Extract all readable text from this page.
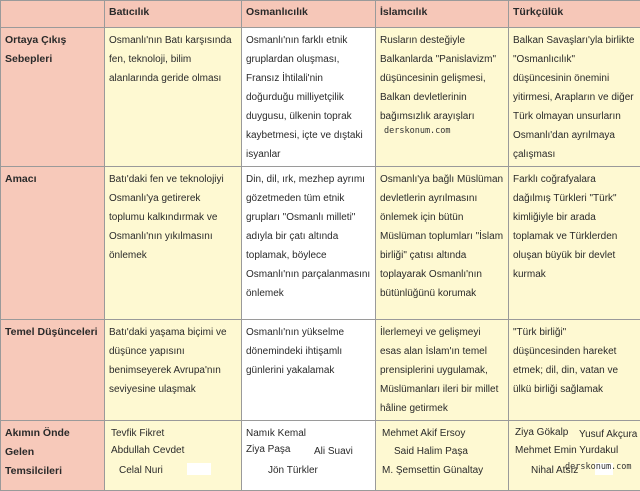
	Batıcılık	Osmanlıcılık	İslamcılık	Türkçülük

Ortaya Çıkış
Sebepleri	Osmanlı'nın Batı karşısında fen, teknoloji, bilim alanlarında geride olması	Osmanlı'nın farklı etnik gruplardan oluşması, Fransız İhtilali'nin doğurduğu milliyetçilik duygusu, ülkenin toprak kaybetmesi, içte ve dıştaki isyanlar	Rusların desteğiyle Balkanlarda "Panislavizm" düşüncesinin gelişmesi, Balkan devletlerinin bağımsızlık arayışları	Balkan Savaşları'yla birlikte "Osmanlıcılık" düşüncesinin önemini yitirmesi, Arapların ve diğer Türk olmayan unsurların Osmanlı'dan ayrılmaya çalışması
Amacı	Batı'daki fen ve teknolojiyi Osmanlı'ya getirerek toplumu kalkındırmak ve Osmanlı'nın yıkılmasını önlemek	Din, dil, ırk, mezhep ayrımı gözetmeden tüm etnik grupları "Osmanlı milleti" adıyla bir çatı altında toplamak, böylece Osmanlı'nın parçalanmasını önlemek	Osmanlı'ya bağlı Müslüman devletlerin ayrılmasını önlemek için bütün Müslüman toplumları "İslam birliği" çatısı altında toplayarak Osmanlı'nın bütünlüğünü korumak	Farklı coğrafyalara dağılmış Türkleri "Türk" kimliğiyle bir arada toplamak ve Türklerden oluşan büyük bir devlet kurmak
Temel Düşünceleri	Batı'daki yaşama biçimi ve düşünce yapısını benimseyerek Avrupa'nın seviyesine ulaşmak	Osmanlı'nın yükselme dönemindeki ihtişamlı günlerini yakalamak	İlerlemeyi ve gelişmeyi esas alan İslam'ın temel prensiplerini uygulamak, Müslümanları ileri bir millet hâline getirmek	"Türk birliği" düşüncesinden hareket etmek; dil, din, vatan ve ülkü birliği sağlamak

Akımın Önde Gelen
Temsilcileri	Tevfik Fikret
Abdullah Cevdet
Celal Nuri	Namık Kemal
Ziya Paşa Ali Suavi
Jön Türkler	Mehmet Akif Ersoy
Said Halim Paşa
M. Şemsettin Günaltay	Ziya Gökalp Yusuf Akçura
Mehmet Emin Yurdakul
Nihal Atsız
derskonum.com
derskonum.com
